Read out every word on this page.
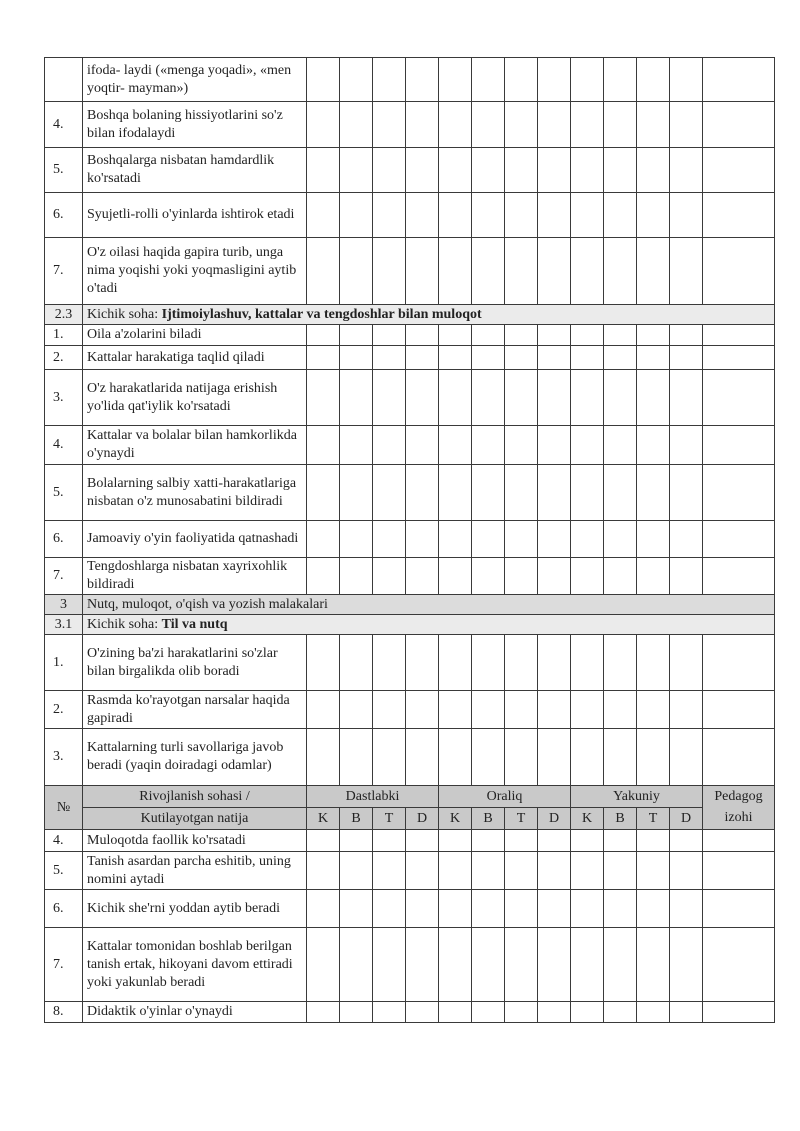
	ifoda- laydi («menga yoqadi», «men yoqtir- mayman»)													
4.	Boshqa bolaning hissiyotlarini so'z bilan ifodalaydi													
5.	Boshqalarga nisbatan hamdardlik ko'rsatadi													
6.	Syujetli-rolli o'yinlarda ishtirok etadi													
7.	O'z oilasi haqida gapira turib, unga nima yoqishi yoki yoqmasligini aytib o'tadi													
2.3	Kichik soha: Ijtimoiylashuv, kattalar va tengdoshlar bilan muloqot													
1.	Oila a'zolarini biladi													
2.	Kattalar harakatiga taqlid qiladi													
3.	O'z harakatlarida natijaga erishish yo'lida qat'iylik ko'rsatadi													
4.	Kattalar va bolalar bilan hamkorlikda o'ynaydi													
5.	Bolalarning salbiy xatti-harakatlariga nisbatan o'z munosabatini bildiradi													
6.	Jamoaviy o'yin faoliyatida qatnashadi													
7.	Tengdoshlarga nisbatan xayrixohlik bildiradi													
3	Nutq, muloqot, o'qish va yozish malakalari													
3.1	Kichik soha: Til va nutq													
1.	O'zining ba'zi harakatlarini so'zlar bilan birgalikda olib boradi													
2.	Rasmda ko'rayotgan narsalar haqida gapiradi													
3.	Kattalarning turli savollariga javob beradi (yaqin doiradagi odamlar)													
№	Rivojlanish sohasi /	Dastlabki				Oraliq				Yakuniy				Pedagog
	Kutilayotgan natija	K	B	T	D	K	B	T	D	K	B	T	D	izohi
4.	Muloqotda faollik ko'rsatadi													
5.	Tanish asardan parcha eshitib, uning nomini aytadi													
6.	Kichik she'rni yoddan aytib beradi													
7.	Kattalar tomonidan boshlab berilgan tanish ertak, hikoyani davom ettiradi yoki yakunlab beradi													
8.	Didaktik o'yinlar o'ynaydi													
